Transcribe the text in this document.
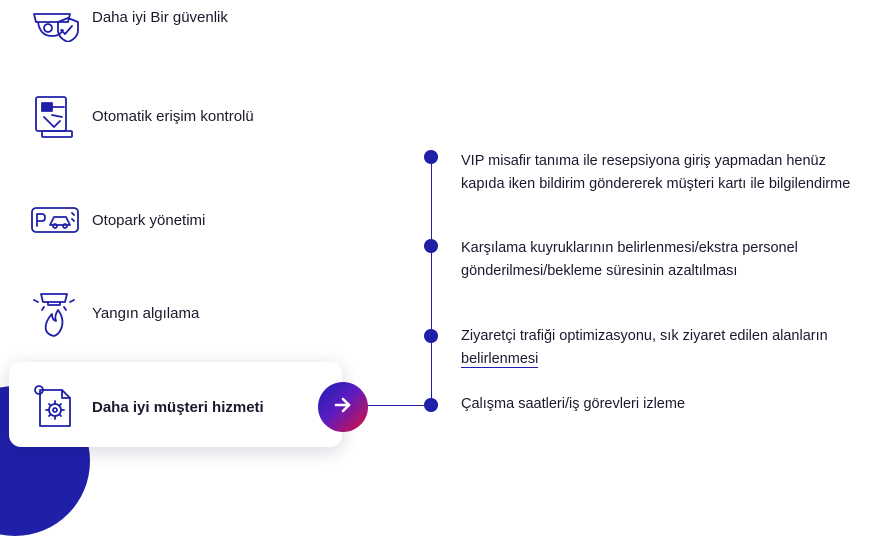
Daha iyi Bir güvenlik
Otomatik erişim kontrolü
Otopark yönetimi
Yangın algılama
Daha iyi müşteri hizmeti
VIP misafir tanıma ile resepsiyona giriş yapmadan henüz kapıda iken bildirim göndererek müşteri kartı ile bilgilendirme
Karşılama kuyruklarının belirlenmesi/ekstra personel gönderilmesi/bekleme süresinin azaltılması
Ziyaretçi trafiği optimizasyonu, sık ziyaret edilen alanların belirlenmesi
Çalışma saatleri/iş görevleri izleme
